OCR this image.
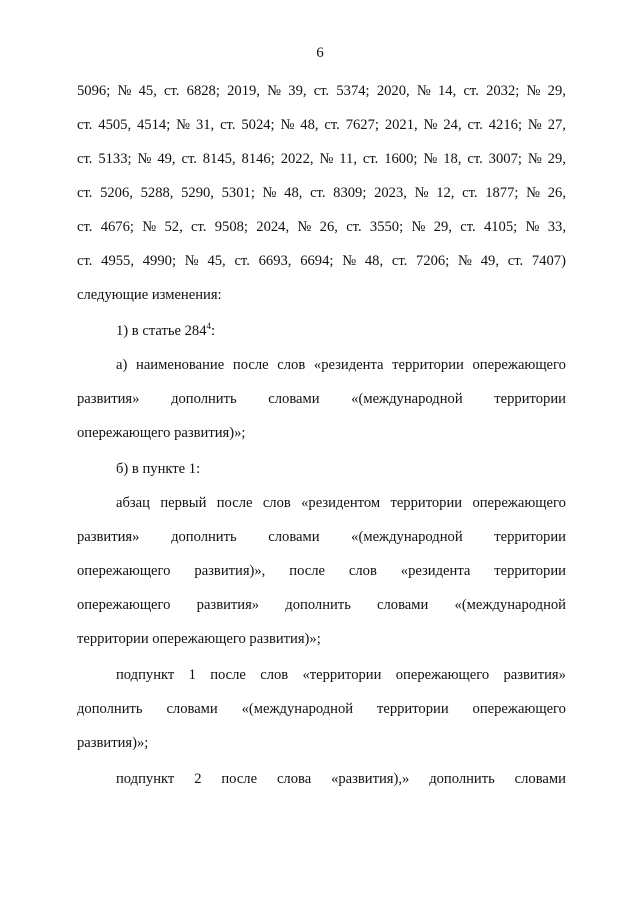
6
5096; № 45, ст. 6828; 2019, № 39, ст. 5374; 2020, № 14, ст. 2032; № 29,
ст. 4505, 4514; № 31, ст. 5024; № 48, ст. 7627; 2021, № 24, ст. 4216; № 27,
ст. 5133; № 49, ст. 8145, 8146; 2022, № 11, ст. 1600; № 18, ст. 3007; № 29,
ст. 5206, 5288, 5290, 5301; № 48, ст. 8309; 2023, № 12, ст. 1877; № 26,
ст. 4676; № 52, ст. 9508; 2024, № 26, ст. 3550; № 29, ст. 4105; № 33,
ст. 4955, 4990; № 45, ст. 6693, 6694; № 48, ст. 7206; № 49, ст. 7407)
следующие изменения:
1) в статье $284^4$:
а) наименование после слов «резидента территории опережающего
развития» дополнить словами «(международной территории
опережающего развития)»;
б) в пункте 1:
абзац первый после слов «резидентом территории опережающего
развития» дополнить словами «(международной территории
опережающего развития)», после слов «резидента территории
опережающего развития» дополнить словами «(международной
территории опережающего развития)»;
подпункт 1 после слов «территории опережающего развития»
дополнить словами «(международной территории опережающего
развития)»;
подпункт 2 после слова «развития),» дополнить словами
